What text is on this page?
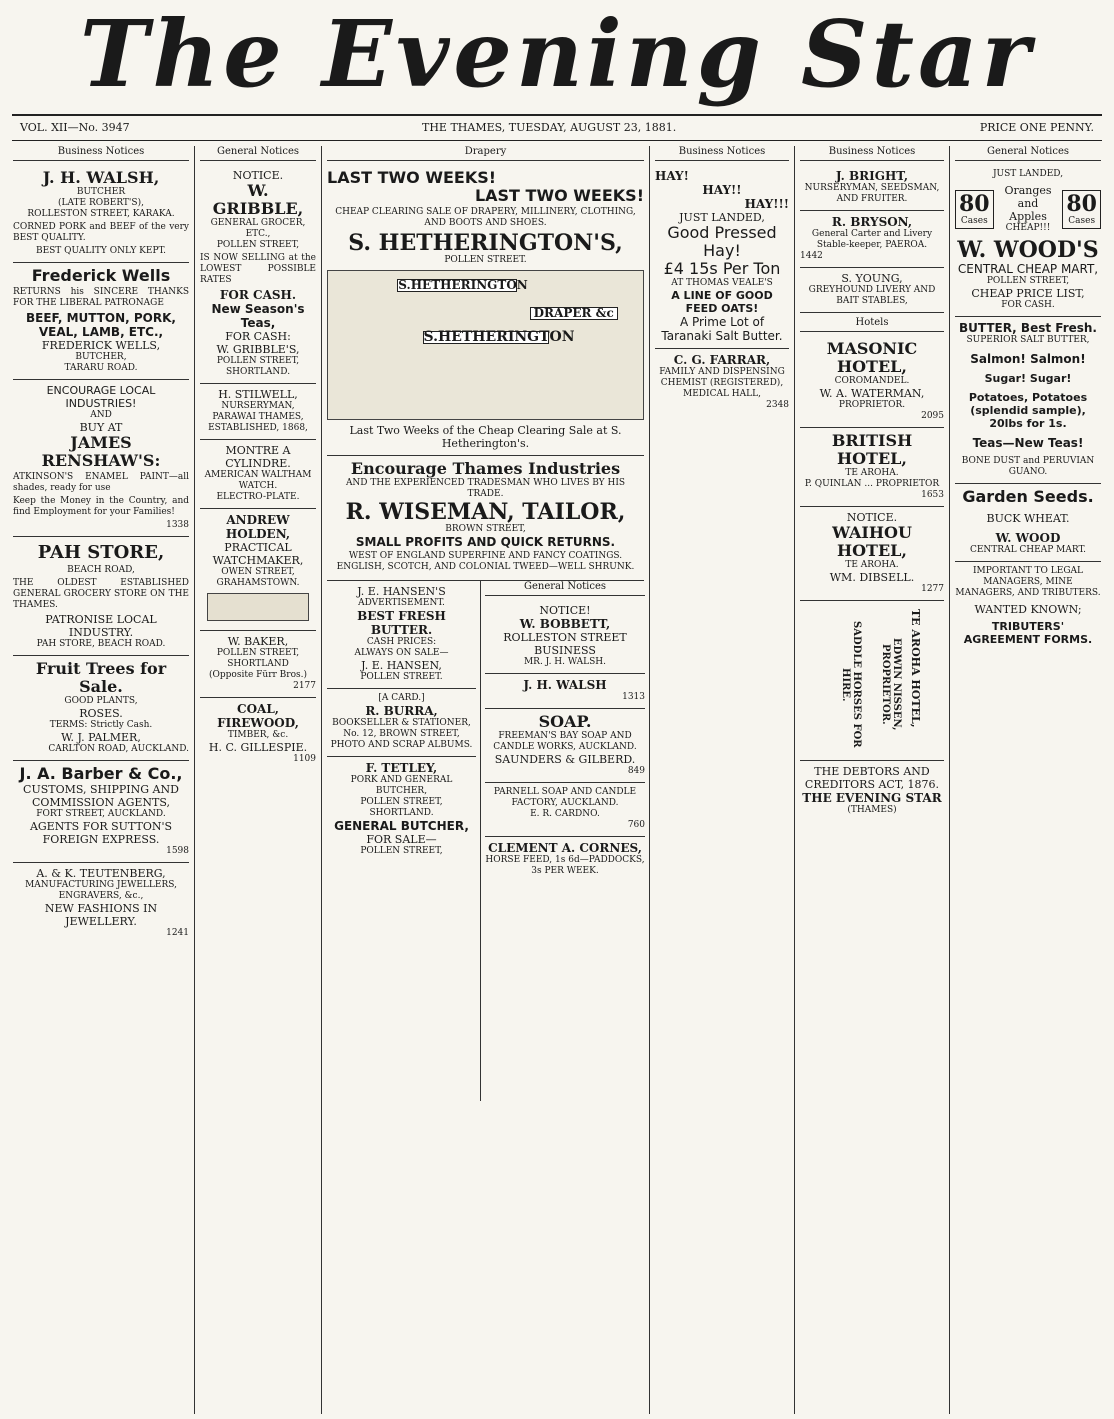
The Evening Star
VOL. XII—No. 3947	THE THAMES, TUESDAY, AUGUST 23, 1881.	PRICE ONE PENNY.
Business Notices
J. H. WALSH,
BUTCHER
(LATE ROBERT'S),
ROLLESTON STREET, KARAKA.

CORNED PORK and BEEF of the very BEST QUALITY.

BEST QUALITY ONLY KEPT.
Frederick Wells

RETURNS his SINCERE THANKS FOR THE LIBERAL PATRONAGE

BEEF, MUTTON, PORK, VEAL, LAMB, ETC.,
FREDERICK WELLS,
BUTCHER,
TARARU ROAD.
ENCOURAGE LOCAL INDUSTRIES!
AND
BUY AT
JAMES RENSHAW'S:

ATKINSON'S ENAMEL PAINT—all shades, ready for use

Keep the Money in the Country, and find Employment for your Families!

1338
PAH STORE,
BEACH ROAD,

THE OLDEST ESTABLISHED GENERAL GROCERY STORE ON THE THAMES.

PATRONISE LOCAL INDUSTRY.
PAH STORE, BEACH ROAD.
Fruit Trees for Sale.
GOOD PLANTS,
ROSES.
TERMS: Strictly Cash.
W. J. PALMER,
CARLTON ROAD, AUCKLAND.
J. A. Barber & Co.,
CUSTOMS, SHIPPING AND COMMISSION AGENTS,
FORT STREET, AUCKLAND.
AGENTS FOR SUTTON'S FOREIGN EXPRESS.
1598
A. & K. TEUTENBERG,
MANUFACTURING JEWELLERS, ENGRAVERS, &c.,
NEW FASHIONS IN JEWELLERY.
1241
General Notices
NOTICE.
W. GRIBBLE,
GENERAL GROCER, ETC.,
POLLEN STREET,

IS NOW SELLING at the LOWEST POSSIBLE RATES

FOR CASH.
New Season's Teas,
FOR CASH:
W. GRIBBLE'S,
POLLEN STREET, SHORTLAND.
H. STILWELL,
NURSERYMAN, PARAWAI THAMES,
ESTABLISHED, 1868,
MONTRE A CYLINDRE.
AMERICAN WALTHAM WATCH.
ELECTRO-PLATE.
ANDREW HOLDEN,
PRACTICAL WATCHMAKER,
OWEN STREET, GRAHAMSTOWN.
W. BAKER,
POLLEN STREET, SHORTLAND
(Opposite Fürr Bros.)
2177
COAL, FIREWOOD,
TIMBER, &c.
H. C. GILLESPIE.
1109
Drapery
LAST TWO WEEKS!
LAST TWO WEEKS!

CHEAP CLEARING SALE OF DRAPERY, MILLINERY, CLOTHING, AND BOOTS AND SHOES.

S. HETHERINGTON'S,
POLLEN STREET.
S.HETHERINGTON
DRAPER &c
S.HETHERINGTON
Last Two Weeks of the Cheap Clearing Sale at S. Hetherington's.
Encourage Thames Industries
AND THE EXPERIENCED TRADESMAN WHO LIVES BY HIS TRADE.
R. WISEMAN, TAILOR,
BROWN STREET,
SMALL PROFITS AND QUICK RETURNS.

WEST OF ENGLAND SUPERFINE AND FANCY COATINGS. ENGLISH, SCOTCH, AND COLONIAL TWEED—WELL SHRUNK.

J. E. HANSEN'S
ADVERTISEMENT.
BEST FRESH BUTTER.
CASH PRICES:
ALWAYS ON SALE—
J. E. HANSEN,
POLLEN STREET.
[A CARD.]
R. BURRA,
BOOKSELLER & STATIONER,
No. 12, BROWN STREET,
PHOTO AND SCRAP ALBUMS.
F. TETLEY,
PORK AND GENERAL BUTCHER,
POLLEN STREET, SHORTLAND.
GENERAL BUTCHER,
FOR SALE—
POLLEN STREET,
General Notices
NOTICE!
W. BOBBETT,
ROLLESTON STREET BUSINESS
MR. J. H. WALSH.
J. H. WALSH
1313
SOAP.
FREEMAN'S BAY SOAP AND CANDLE WORKS, AUCKLAND.
SAUNDERS & GILBERD.
849
PARNELL SOAP AND CANDLE FACTORY, AUCKLAND.
E. R. CARDNO.
760
CLEMENT A. CORNES,
HORSE FEED, 1s 6d—PADDOCKS, 3s PER WEEK.
Business Notices
HAY!
HAY!!
HAY!!!
JUST LANDED,
Good Pressed Hay!
£4 15s Per Ton
AT THOMAS VEALE'S
A LINE OF GOOD FEED OATS!
A Prime Lot of Taranaki Salt Butter.
C. G. FARRAR,
FAMILY AND DISPENSING CHEMIST (REGISTERED),
MEDICAL HALL,
2348
Business Notices
J. BRIGHT,
NURSERYMAN, SEEDSMAN, AND FRUITER.
R. BRYSON,
General Carter and Livery Stable-keeper, PAEROA.
1442
S. YOUNG,
GREYHOUND LIVERY AND BAIT STABLES,
Hotels
MASONIC HOTEL,
COROMANDEL.
W. A. WATERMAN,
PROPRIETOR.
2095
BRITISH HOTEL,
TE AROHA.
P. QUINLAN ... PROPRIETOR
1653
NOTICE.
WAIHOU HOTEL,
TE AROHA.
WM. DIBSELL.
1277
TE AROHA HOTEL,
EDWIN NISSEN, PROPRIETOR.
SADDLE HORSES FOR HIRE.
THE DEBTORS AND CREDITORS ACT, 1876.
THE EVENING STAR
(THAMES)
General Notices
JUST LANDED,
80
Cases
Oranges and Apples
CHEAP!!!
80
Cases
W. WOOD'S
CENTRAL CHEAP MART,
POLLEN STREET,
CHEAP PRICE LIST,
FOR CASH.
BUTTER, Best Fresh.
SUPERIOR SALT BUTTER,
Salmon! Salmon!
Sugar! Sugar!
Potatoes, Potatoes (splendid sample), 20lbs for 1s.
Teas—New Teas!
BONE DUST and PERUVIAN GUANO.
Garden Seeds.
BUCK WHEAT.
W. WOOD
CENTRAL CHEAP MART.
IMPORTANT TO LEGAL MANAGERS, MINE MANAGERS, AND TRIBUTERS.
WANTED KNOWN;
TRIBUTERS' AGREEMENT FORMS.
